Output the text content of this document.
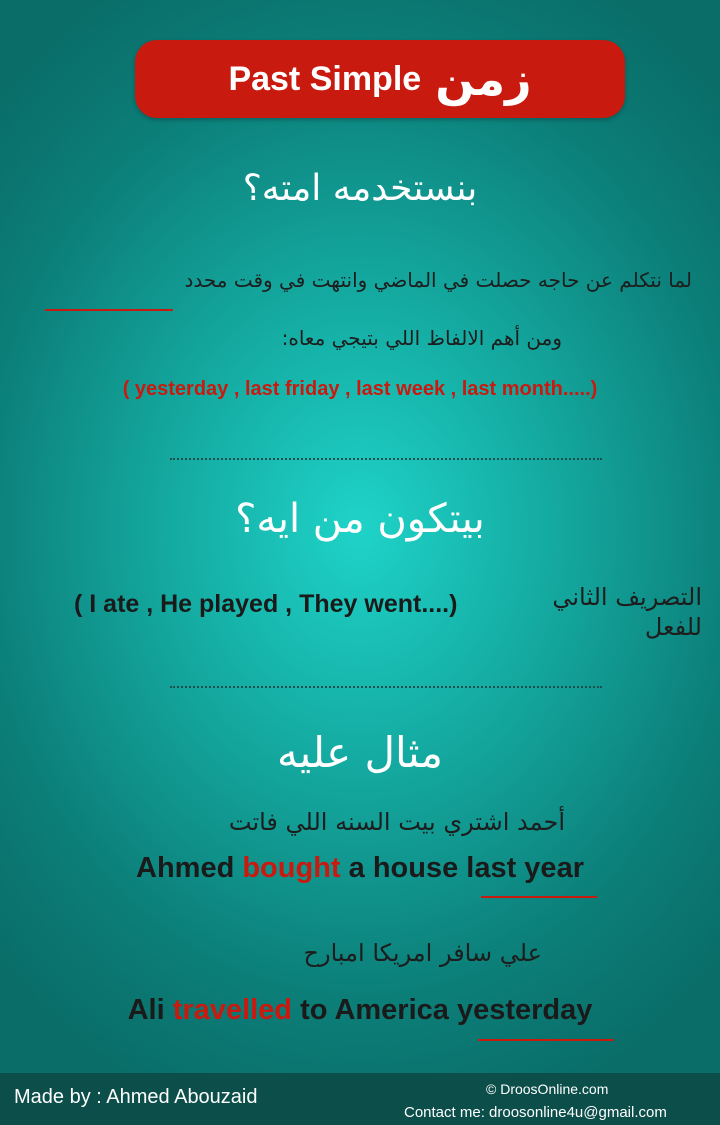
Past Simple زمن
بنستخدمه امته؟
لما نتكلم عن حاجه حصلت في الماضي وانتهت في وقت محدد
ومن أهم الالفاظ اللي بتيجي معاه:
( yesterday , last friday , last week , last month.....)
بيتكون من ايه؟
التصريف الثاني
للفعل
( I ate , He played , They went....)
مثال عليه
أحمد اشتري بيت السنه اللي فاتت
Ahmed bought a house last year
علي سافر امريكا امبارح
Ali travelled to America yesterday
Made by : Ahmed Abouzaid	© DroosOnline.com
Contact me: droosonline4u@gmail.com
